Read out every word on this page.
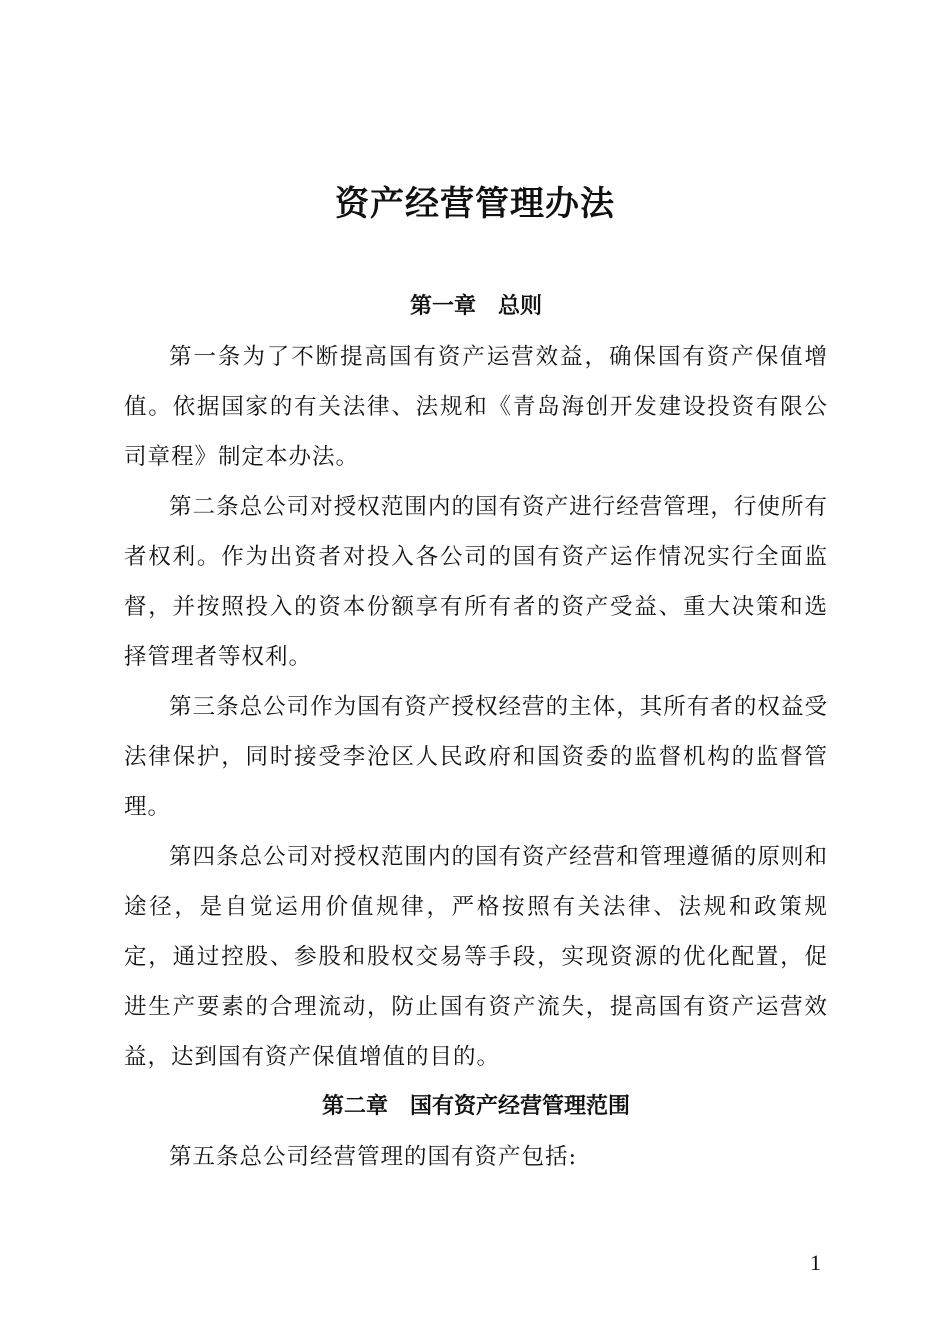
资产经营管理办法
第一章　总则

第一条为了不断提高国有资产运营效益，确保国有资产保值增值。依据国家的有关法律、法规和《青岛海创开发建设投资有限公司章程》制定本办法。

第二条总公司对授权范围内的国有资产进行经营管理，行使所有者权利。作为出资者对投入各公司的国有资产运作情况实行全面监督，并按照投入的资本份额享有所有者的资产受益、重大决策和选择管理者等权利。

第三条总公司作为国有资产授权经营的主体，其所有者的权益受法律保护，同时接受李沧区人民政府和国资委的监督机构的监督管理。

第四条总公司对授权范围内的国有资产经营和管理遵循的原则和途径，是自觉运用价值规律，严格按照有关法律、法规和政策规定，通过控股、参股和股权交易等手段，实现资源的优化配置，促进生产要素的合理流动，防止国有资产流失，提高国有资产运营效益，达到国有资产保值增值的目的。

第二章　国有资产经营管理范围

第五条总公司经营管理的国有资产包括:

1
